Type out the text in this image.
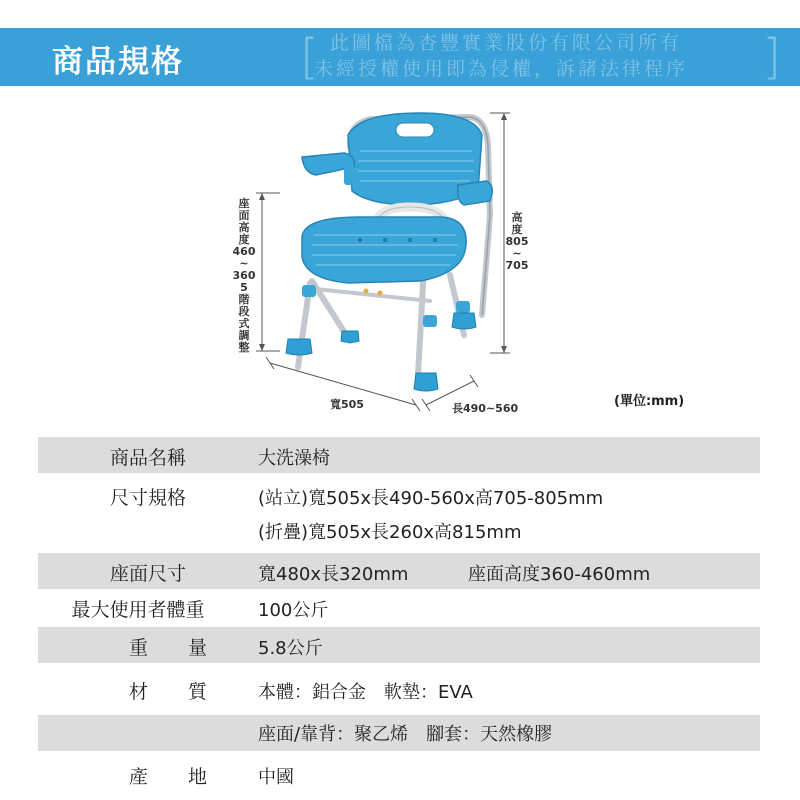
商品規格 [ 此圖檔為杏豐實業股份有限公司所有
未經授權使用即為侵權，訴諸法律程序 ]
座
面
高
度
460
~
360
5
階
段
式
調
整
高
度
805
~
705
寬505	長490~560	(單位:mm)
商品名稱	大洗澡椅
尺寸規格	(站立)寬505x長490-560x高705-805mm
(折疊)寬505x長260x高815mm
座面尺寸	寬480x長320mm	座面高度360-460mm
最大使用者體重	100公斤
重量 5.8公斤
材質 本體：鋁合金　軟墊：EVA
座面/靠背：聚乙烯　腳套：天然橡膠
產地 中國
